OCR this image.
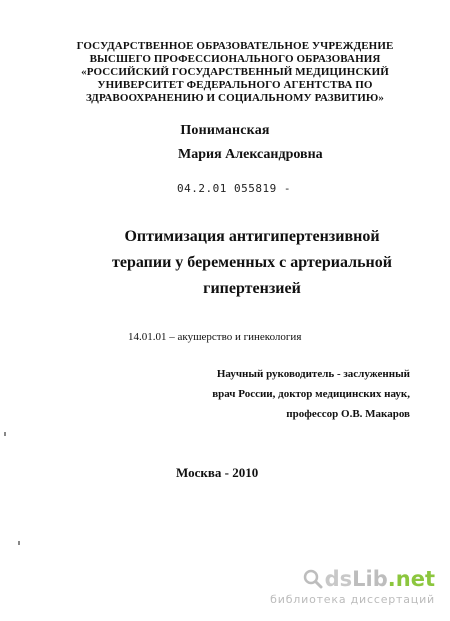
ГОСУДАРСТВЕННОЕ ОБРАЗОВАТЕЛЬНОЕ УЧРЕЖДЕНИЕ
ВЫСШЕГО ПРОФЕССИОНАЛЬНОГО ОБРАЗОВАНИЯ
«РОССИЙСКИЙ ГОСУДАРСТВЕННЫЙ МЕДИЦИНСКИЙ
УНИВЕРСИТЕТ ФЕДЕРАЛЬНОГО АГЕНТСТВА ПО
ЗДРАВООХРАНЕНИЮ И СОЦИАЛЬНОМУ РАЗВИТИЮ»
Пониманская
Мария Александровна
04.2.01 055819 -
Оптимизация антигипертензивной
терапии у беременных с артериальной
гипертензией
14.01.01 – акушерство и гинекология
Научный руководитель - заслуженный
врач России, доктор медицинских наук,
профессор О.В. Макаров
Москва - 2010
ds Lib .net
библиотека диссертаций
